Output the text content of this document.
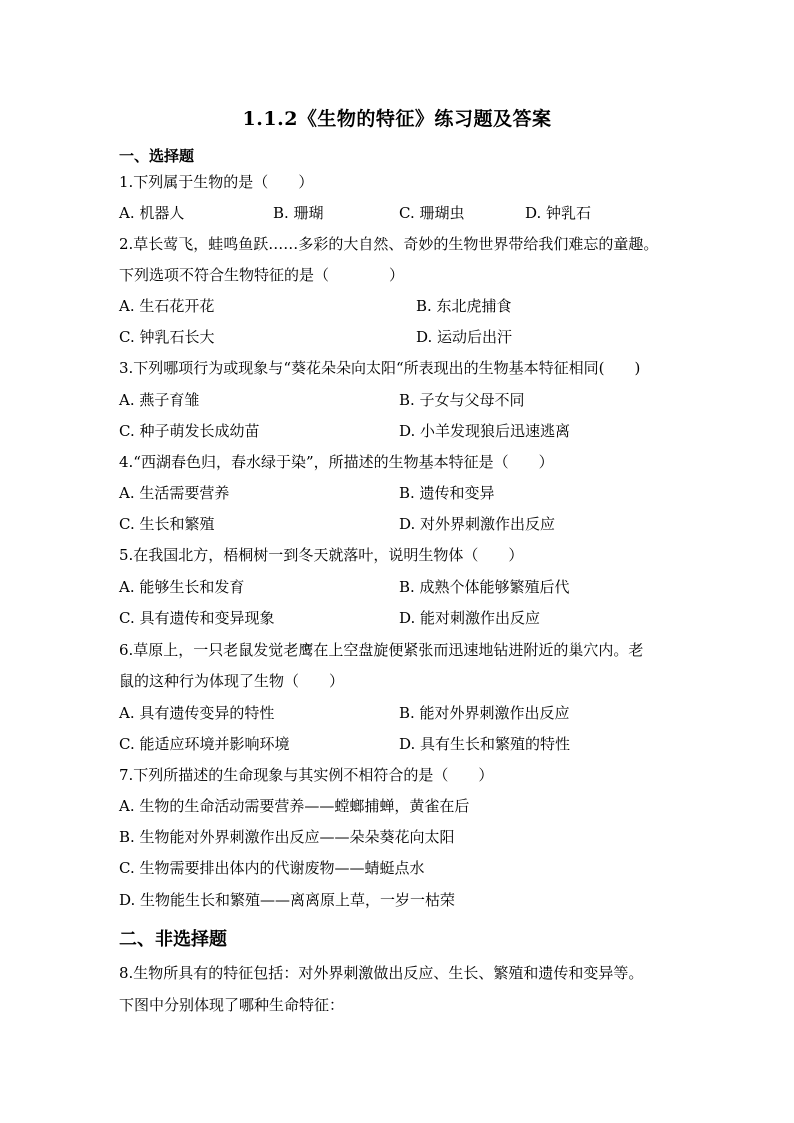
1.1.2《生物的特征》练习题及答案
一、选择题
1.下列属于生物的是（　　）
A. 机器人	B. 珊瑚	C. 珊瑚虫	D. 钟乳石
2.草长莺飞，蛙鸣鱼跃……多彩的大自然、奇妙的生物世界带给我们难忘的童趣。
下列选项不符合生物特征的是（　　　　）
A. 生石花开花	B. 东北虎捕食
C. 钟乳石长大	D. 运动后出汗
3.下列哪项行为或现象与“葵花朵朵向太阳“所表现出的生物基本特征相同(　　)
A. 燕子育雏	B. 子女与父母不同
C. 种子萌发长成幼苗	D. 小羊发现狼后迅速逃离
4.“西湖春色归，春水绿于染”，所描述的生物基本特征是（　　）
A. 生活需要营养	B. 遗传和变异
C. 生长和繁殖	D. 对外界刺激作出反应
5.在我国北方，梧桐树一到冬天就落叶，说明生物体（　　）
A. 能够生长和发育	B. 成熟个体能够繁殖后代
C. 具有遗传和变异现象	D. 能对刺激作出反应
6.草原上，一只老鼠发觉老鹰在上空盘旋便紧张而迅速地钻进附近的巢穴内。老
鼠的这种行为体现了生物（　　）
A. 具有遗传变异的特性	B. 能对外界刺激作出反应
C. 能适应环境并影响环境	D. 具有生长和繁殖的特性
7.下列所描述的生命现象与其实例不相符合的是（　　）
A. 生物的生命活动需要营养——螳螂捕蝉，黄雀在后
B. 生物能对外界刺激作出反应——朵朵葵花向太阳
C. 生物需要排出体内的代谢废物——蜻蜓点水
D. 生物能生长和繁殖——离离原上草，一岁一枯荣
二、非选择题
8.生物所具有的特征包括：对外界刺激做出反应、生长、繁殖和遗传和变异等。
下图中分别体现了哪种生命特征：
